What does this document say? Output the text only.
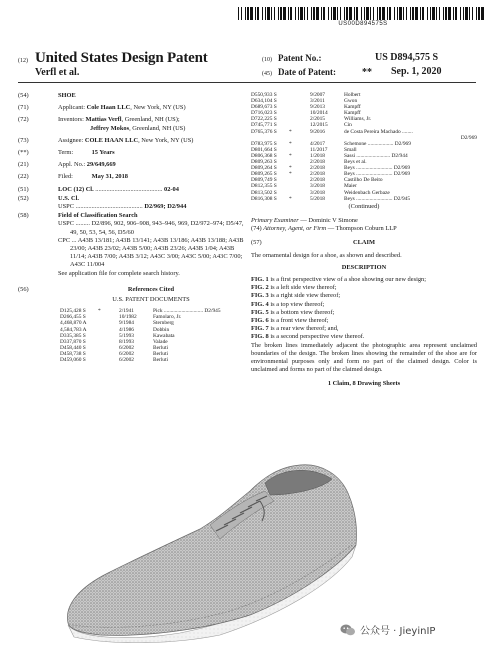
US00D894575S
(12) United States Design Patent
Verfl et al.
(10) Patent No.:	US D894,575 S
(45) Date of Patent:	** Sep. 1, 2020
(54)	SHOE
(71)	Applicant: Cole Haan LLC, New York, NY (US)
(72)	Inventors: Mattias Verfl, Greenland, NH (US);
Jeffrey Mokos, Greenland, NH (US)
(73)	Assignee: COLE HAAN LLC, New York, NY (US)
(**)	Term:	15 Years
(21)	Appl. No.: 29/649,669
(22)	Filed:	May 31, 2018
(51)	LOC (12) Cl. .......................................... 02-04
(52)	U.S. Cl.
USPC .......................................... D2/969; D2/944
(58)	Field of Classification Search
USPC ......... D2/896, 902, 906–908, 943–946, 969, D2/972–974; D5/47, 49, 50, 53, 54, 56, D5/60
CPC ... A43B 13/181; A43B 13/141; A43B 13/186; A43B 13/188; A43B 23/00; A43B 23/02; A43B 5/00; A43B 23/26; A43B 1/04; A43B 11/14; A43B 7/00; A43B 3/12; A43C 3/00; A43C 5/00; A43C 7/00; A43C 11/004
See application file for complete search history.
(56)	References Cited
U.S. PATENT DOCUMENTS
D125,428 S	*		2/1941	Pick ............................. D2/945
D266,455 S			10/1982	Famolaro, Jr.
4,468,870 A			9/1984	Sternberg
4,584,783 A			4/1986	Dobbin
D335,385 S			5/1993	Kawabata
D337,870 S			8/1993	Valade
D458,440 S			6/2002	Berluti
D458,738 S			6/2002	Berluti
D459,060 S			6/2002	Berluti
D550,933 S			9/2007	Holbert
D634,104 S			3/2011	Gwon
D689,673 S			9/2013	Kampff
D716,023 S			10/2014	Kampff
D722,225 S			2/2015	Williams, Jr.
D745,771 S			12/2015	Cin
D765,376 S	*		9/2016	de Costa Pereira Machado ........
				D2/969
D783,975 S	*		4/2017	Schemone ................... D2/969
D801,664 S			11/2017	Small
D806,368 S	*		1/2018	Sassi ......................... D2/944
D809,263 S			2/2018	Beys et al.
D809,264 S	*		2/2018	Beys ........................... D2/969
D809,265 S	*		2/2018	Beys ........................... D2/969
D809,749 S			2/2018	Castilho De Beito
D812,355 S			3/2018	Maier
D813,502 S			3/2018	Weidenbach Gerbaze
D816,308 S	*		5/2018	Beys ........................... D2/945
(Continued)
Primary Examiner — Dominic V Simone
(74) Attorney, Agent, or Firm — Thompson Coburn LLP
(57)	CLAIM
The ornamental design for a shoe, as shown and described.
DESCRIPTION
FIG. 1 is a first perspective view of a shoe showing our new design;
FIG. 2 is a left side view thereof;
FIG. 3 is a right side view thereof;
FIG. 4 is a top view thereof;
FIG. 5 is a bottom view thereof;
FIG. 6 is a front view thereof;
FIG. 7 is a rear view thereof; and,
FIG. 8 is a second perspective view thereof.
The broken lines immediately adjacent the photographic area represent unclaimed boundaries of the design. The broken lines showing the remainder of the shoe are for environmental purposes only and form no part of the claimed design. Color is unclaimed and forms no part of the claimed design.
1 Claim, 8 Drawing Sheets
公众号 · JieyinIP
